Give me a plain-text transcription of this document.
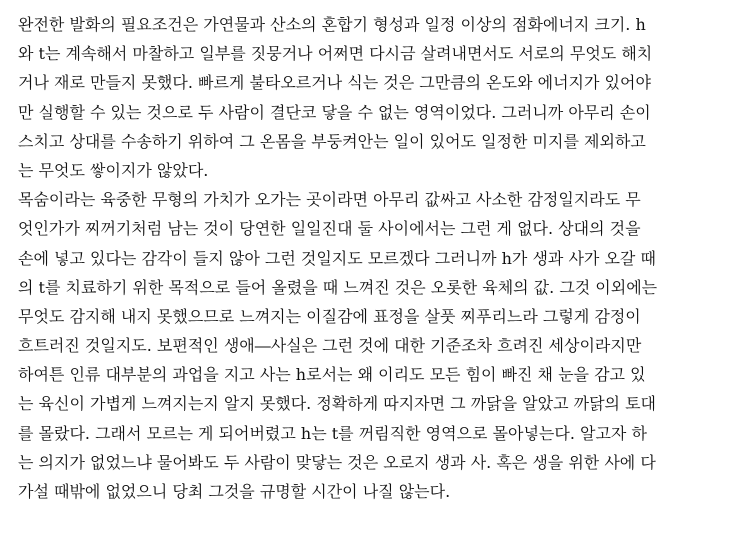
완전한 발화의 필요조건은 가연물과 산소의 혼합기 형성과 일정 이상의 점화에너지 크기. h
와 t는 계속해서 마찰하고 일부를 짓뭉거나 어쩌면 다시금 살려내면서도 서로의 무엇도 해치
거나 재로 만들지 못했다. 빠르게 불타오르거나 식는 것은 그만큼의 온도와 에너지가 있어야
만 실행할 수 있는 것으로 두 사람이 결단코 닿을 수 없는 영역이었다. 그러니까 아무리 손이
스치고 상대를 수송하기 위하여 그 온몸을 부둥켜안는 일이 있어도 일정한 미지를 제외하고
는 무엇도 쌓이지가 않았다.
목숨이라는 육중한 무형의 가치가 오가는 곳이라면 아무리 값싸고 사소한 감정일지라도 무
엇인가가 찌꺼기처럼 남는 것이 당연한 일일진대 둘 사이에서는 그런 게 없다. 상대의 것을
손에 넣고 있다는 감각이 들지 않아 그런 것일지도 모르겠다 그러니까 h가 생과 사가 오갈 때
의 t를 치료하기 위한 목적으로 들어 올렸을 때 느껴진 것은 오롯한 육체의 값. 그것 이외에는
무엇도 감지해 내지 못했으므로 느껴지는 이질감에 표정을 살풋 찌푸리느라 그렇게 감정이
흐트러진 것일지도. 보편적인 생애―사실은 그런 것에 대한 기준조차 흐려진 세상이라지만
하여튼 인류 대부분의 과업을 지고 사는 h로서는 왜 이리도 모든 힘이 빠진 채 눈을 감고 있
는 육신이 가볍게 느껴지는지 알지 못했다. 정확하게 따지자면 그 까닭을 알았고 까닭의 토대
를 몰랐다. 그래서 모르는 게 되어버렸고 h는 t를 꺼림직한 영역으로 몰아넣는다. 알고자 하
는 의지가 없었느냐 물어봐도 두 사람이 맞닿는 것은 오로지 생과 사. 혹은 생을 위한 사에 다
가설 때밖에 없었으니 당최 그것을 규명할 시간이 나질 않는다.
